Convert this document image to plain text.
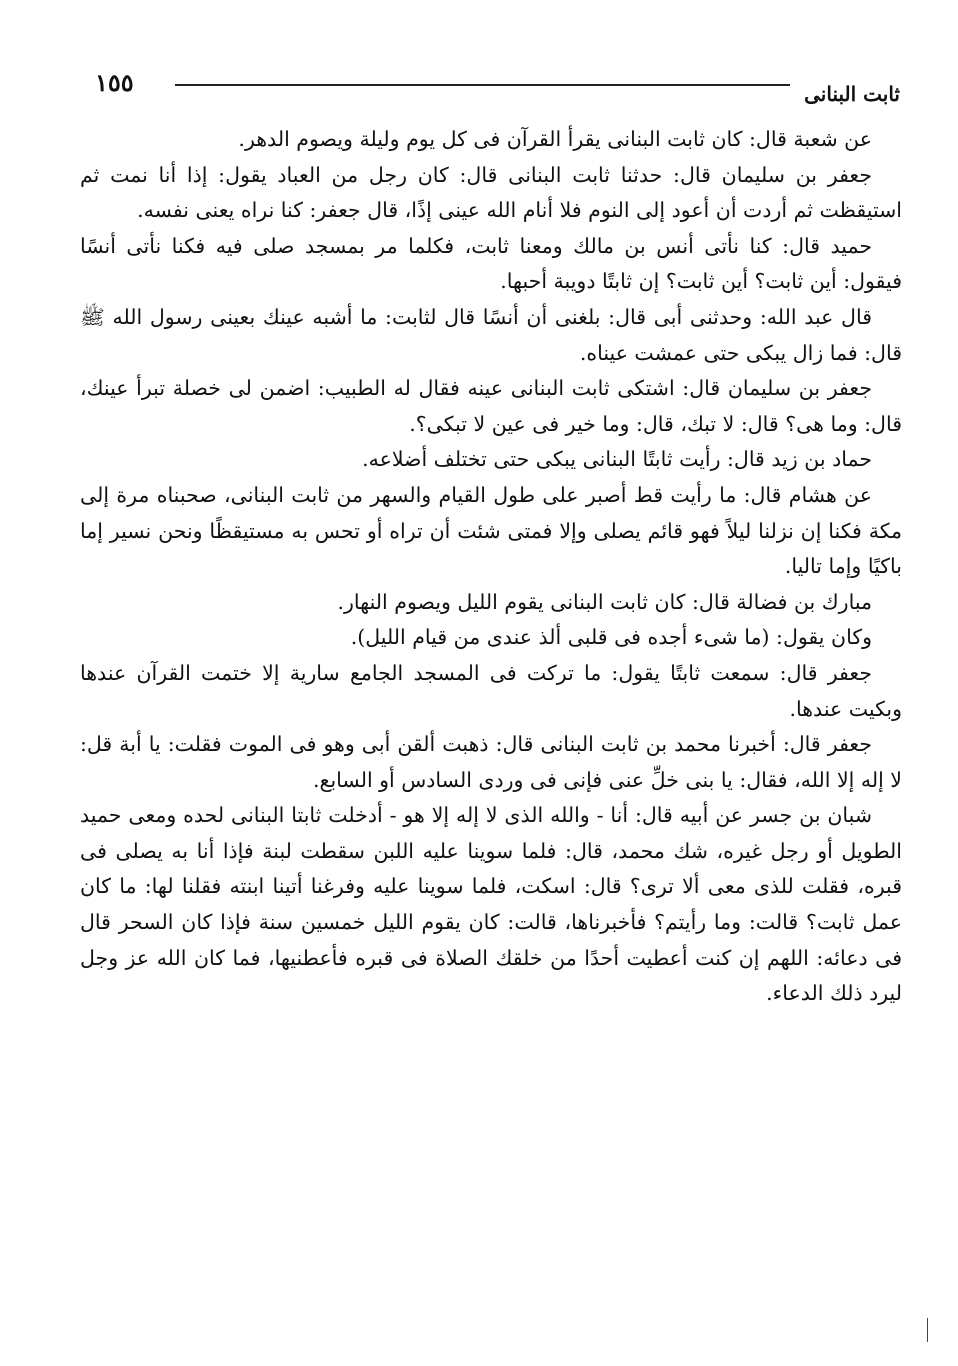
ثابت البنانى
١٥٥

عن شعبة قال: كان ثابت البنانى يقرأ القرآن فى كل يوم وليلة ويصوم الدهر.

جعفر بن سليمان قال: حدثنا ثابت البنانى قال: كان رجل من العباد يقول: إذا أنا نمت ثم استيقظت ثم أردت أن أعود إلى النوم فلا أنام الله عينى إذًا، قال جعفر: كنا نراه يعنى نفسه.

حميد قال: كنا نأتى أنس بن مالك ومعنا ثابت، فكلما مر بمسجد صلى فيه فكنا نأتى أنسًا فيقول: أين ثابت؟ أين ثابت؟ إن ثابتًا دويبة أحبها.

قال عبد الله: وحدثنى أبى قال: بلغنى أن أنسًا قال لثابت: ما أشبه عينك بعينى رسول الله ﷺ قال: فما زال يبكى حتى عمشت عيناه.

جعفر بن سليمان قال: اشتكى ثابت البنانى عينه فقال له الطبيب: اضمن لى خصلة تبرأ عينك، قال: وما هى؟ قال: لا تبك، قال: وما خير فى عين لا تبكى؟.

حماد بن زيد قال: رأيت ثابتًا البنانى يبكى حتى تختلف أضلاعه.

عن هشام قال: ما رأيت قط أصبر على طول القيام والسهر من ثابت البنانى، صحبناه مرة إلى مكة فكنا إن نزلنا ليلاً فهو قائم يصلى وإلا فمتى شئت أن تراه أو تحس به مستيقظًا ونحن نسير إما باكيًا وإما تاليا.

مبارك بن فضالة قال: كان ثابت البنانى يقوم الليل ويصوم النهار.

وكان يقول: (ما شىء أجده فى قلبى ألذ عندى من قيام الليل).

جعفر قال: سمعت ثابتًا يقول: ما تركت فى المسجد الجامع سارية إلا ختمت القرآن عندها وبكيت عندها.

جعفر قال: أخبرنا محمد بن ثابت البنانى قال: ذهبت ألقن أبى وهو فى الموت فقلت: يا أبة قل: لا إله إلا الله، فقال: يا بنى خلِّ عنى فإنى فى وردى السادس أو السابع.

شبان بن جسر عن أبيه قال: أنا - والله الذى لا إله إلا هو - أدخلت ثابتا البنانى لحده ومعى حميد الطويل أو رجل غيره، شك محمد، قال: فلما سوينا عليه اللبن سقطت لبنة فإذا أنا به يصلى فى قبره، فقلت للذى معى ألا ترى؟ قال: اسكت، فلما سوينا عليه وفرغنا أتينا ابنته فقلنا لها: ما كان عمل ثابت؟ قالت: وما رأيتم؟ فأخبرناها، قالت: كان يقوم الليل خمسين سنة فإذا كان السحر قال فى دعائه: اللهم إن كنت أعطيت أحدًا من خلقك الصلاة فى قبره فأعطنيها، فما كان الله عز وجل ليرد ذلك الدعاء.
